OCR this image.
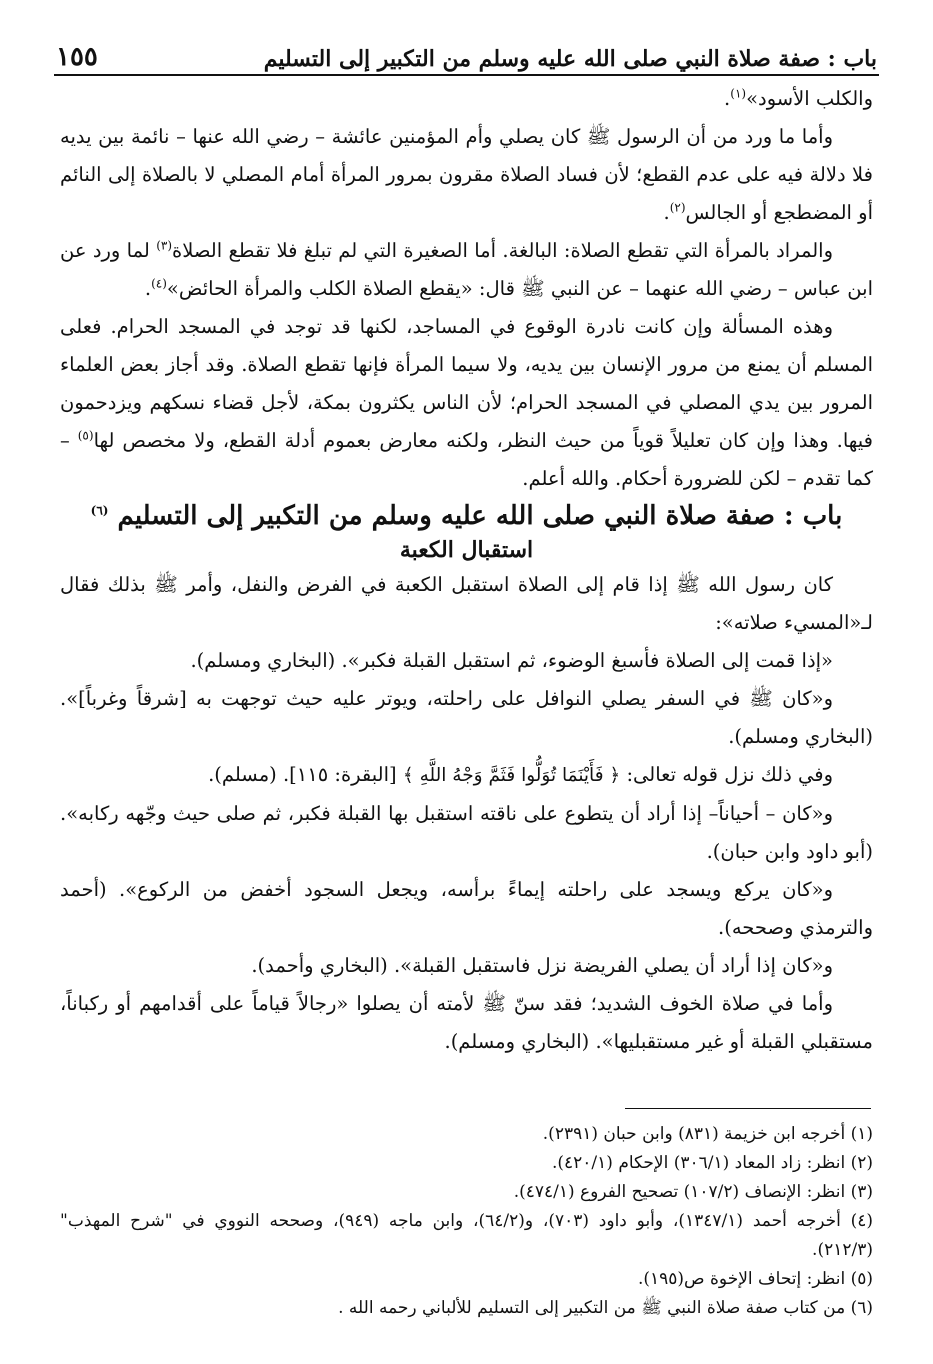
باب : صفة صلاة النبي صلى الله عليه وسلم من التكبير إلى التسليم
١٥٥

والكلب الأسود»$^{(١)}$.

وأما ما ورد من أن الرسول ﷺ كان يصلي وأم المؤمنين عائشة – رضي الله عنها – نائمة بين يديه فلا دلالة فيه على عدم القطع؛ لأن فساد الصلاة مقرون بمرور المرأة أمام المصلي لا بالصلاة إلى النائم أو المضطجع أو الجالس$^{(٢)}$.

والمراد بالمرأة التي تقطع الصلاة: البالغة. أما الصغيرة التي لم تبلغ فلا تقطع الصلاة$^{(٣)}$ لما ورد عن ابن عباس – رضي الله عنهما – عن النبي ﷺ قال: «يقطع الصلاة الكلب والمرأة الحائض»$^{(٤)}$.

وهذه المسألة وإن كانت نادرة الوقوع في المساجد، لكنها قد توجد في المسجد الحرام. فعلى المسلم أن يمنع من مرور الإنسان بين يديه، ولا سيما المرأة فإنها تقطع الصلاة. وقد أجاز بعض العلماء المرور بين يدي المصلي في المسجد الحرام؛ لأن الناس يكثرون بمكة، لأجل قضاء نسكهم ويزدحمون فيها. وهذا وإن كان تعليلاً قوياً من حيث النظر، ولكنه معارض بعموم أدلة القطع، ولا مخصص لها$^{(٥)}$ – كما تقدم – لكن للضرورة أحكام. والله أعلم.

باب : صفة صلاة النبي صلى الله عليه وسلم من التكبير إلى التسليم $^{(٦)}$

استقبال الكعبة

كان رسول الله ﷺ إذا قام إلى الصلاة استقبل الكعبة في الفرض والنفل، وأمر ﷺ بذلك فقال لـ«المسيء صلاته»:

«إذا قمت إلى الصلاة فأسبغ الوضوء، ثم استقبل القبلة فكبر». (البخاري ومسلم).

و«كان ﷺ في السفر يصلي النوافل على راحلته، ويوتر عليه حيث توجهت به [شرقاً وغرباً]». (البخاري ومسلم).

وفي ذلك نزل قوله تعالى: ﴿ فَأَيْنَمَا تُوَلُّوا فَثَمَّ وَجْهُ اللَّهِ ﴾ [البقرة: ١١٥]. (مسلم).

و«كان – أحياناً– إذا أراد أن يتطوع على ناقته استقبل بها القبلة فكبر، ثم صلى حيث وجّهه ركابه». (أبو داود وابن حبان).

و«كان يركع ويسجد على راحلته إيماءً برأسه، ويجعل السجود أخفض من الركوع». (أحمد والترمذي وصححه).

و«كان إذا أراد أن يصلي الفريضة نزل فاستقبل القبلة». (البخاري وأحمد).

وأما في صلاة الخوف الشديد؛ فقد سنّ ﷺ لأمته أن يصلوا «رجالاً قياماً على أقدامهم أو ركباناً، مستقبلي القبلة أو غير مستقبليها». (البخاري ومسلم).

(١) أخرجه ابن خزيمة (٨٣١) وابن حبان (٢٣٩١).

(٢) انظر: زاد المعاد (٣٠٦/١) الإحكام (٤٢٠/١).

(٣) انظر: الإنصاف (١٠٧/٢) تصحيح الفروع (٤٧٤/١).

(٤) أخرجه أحمد (١٣٤٧/١)، وأبو داود (٧٠٣)، و(٦٤/٢)، وابن ماجه (٩٤٩)، وصححه النووي في "شرح المهذب" (٢١٢/٣).

(٥) انظر: إتحاف الإخوة ص(١٩٥).

(٦) من كتاب صفة صلاة النبي ﷺ من التكبير إلى التسليم للألباني رحمه الله .
